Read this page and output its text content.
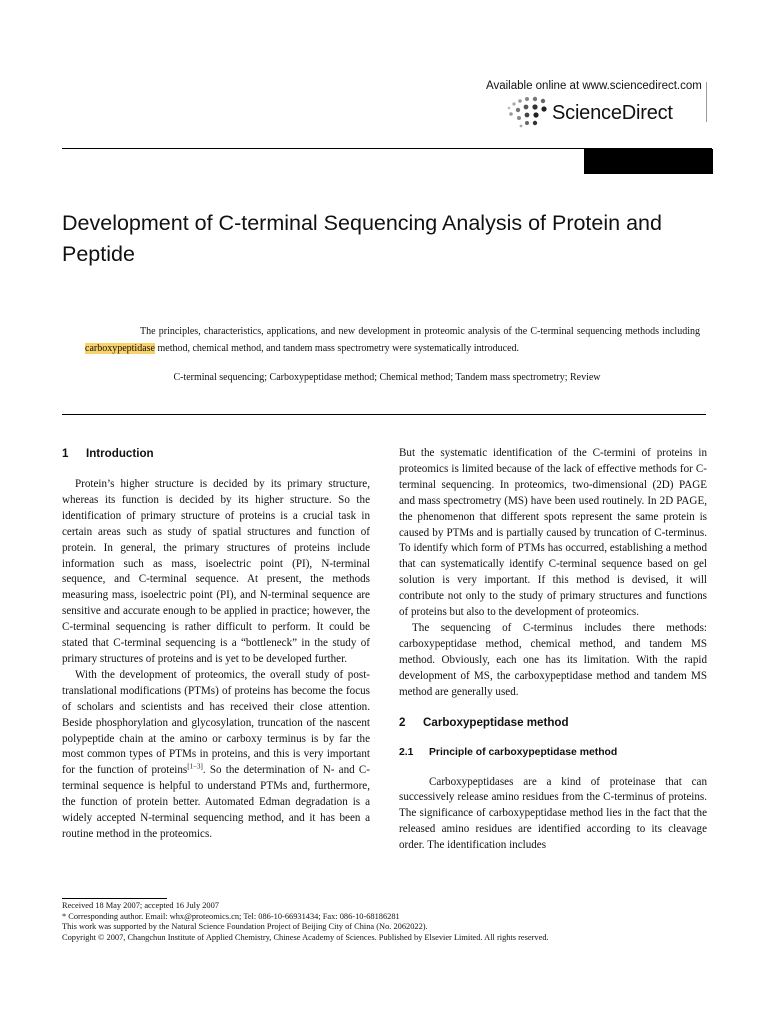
Available online at www.sciencedirect.com
ScienceDirect
Development of C-terminal Sequencing Analysis of Protein and Peptide
The principles, characteristics, applications, and new development in proteomic analysis of the C-terminal sequencing methods including carboxypeptidase method, chemical method, and tandem mass spectrometry were systematically introduced.
C-terminal sequencing; Carboxypeptidase method; Chemical method; Tandem mass spectrometry; Review
1 Introduction

Protein’s higher structure is decided by its primary structure, whereas its function is decided by its higher structure. So the identification of primary structure of proteins is a crucial task in certain areas such as study of spatial structures and function of protein. In general, the primary structures of proteins include information such as mass, isoelectric point (PI), N-terminal sequence, and C-terminal sequence. At present, the methods measuring mass, isoelectric point (PI), and N-terminal sequence are sensitive and accurate enough to be applied in practice; however, the C-terminal sequencing is rather difficult to perform. It could be stated that C-terminal sequencing is a “bottleneck” in the study of primary structures of proteins and is yet to be developed further.

With the development of proteomics, the overall study of post-translational modifications (PTMs) of proteins has become the focus of scholars and scientists and has received their close attention. Beside phosphorylation and glycosylation, truncation of the nascent polypeptide chain at the amino or carboxy terminus is by far the most common types of PTMs in proteins, and this is very important for the function of proteins[1−3]. So the determination of N- and C-terminal sequence is helpful to understand PTMs and, furthermore, the function of protein better. Automated Edman degradation is a widely accepted N-terminal sequencing method, and it has been a routine method in the proteomics.

But the systematic identification of the C-termini of proteins in proteomics is limited because of the lack of effective methods for C-terminal sequencing. In proteomics, two-dimensional (2D) PAGE and mass spectrometry (MS) have been used routinely. In 2D PAGE, the phenomenon that different spots represent the same protein is caused by PTMs and is partially caused by truncation of C-terminus. To identify which form of PTMs has occurred, establishing a method that can systematically identify C-terminal sequence based on gel solution is very important. If this method is devised, it will contribute not only to the study of primary structures and functions of proteins but also to the development of proteomics.

The sequencing of C-terminus includes there methods: carboxypeptidase method, chemical method, and tandem MS method. Obviously, each one has its limitation. With the rapid development of MS, the carboxypeptidase method and tandem MS method are generally used.

2 Carboxypeptidase method
2.1 Principle of carboxypeptidase method

Carboxypeptidases are a kind of proteinase that can successively release amino residues from the C-terminus of proteins. The significance of carboxypeptidase method lies in the fact that the released amino residues are identified according to its cleavage order. The identification includes

Received 18 May 2007; accepted 16 July 2007
* Corresponding author. Email: whx@proteomics.cn; Tel: 086-10-66931434; Fax: 086-10-68186281
This work was supported by the Natural Science Foundation Project of Beijing City of China (No. 2062022).
Copyright © 2007, Changchun Institute of Applied Chemistry, Chinese Academy of Sciences. Published by Elsevier Limited. All rights reserved.
